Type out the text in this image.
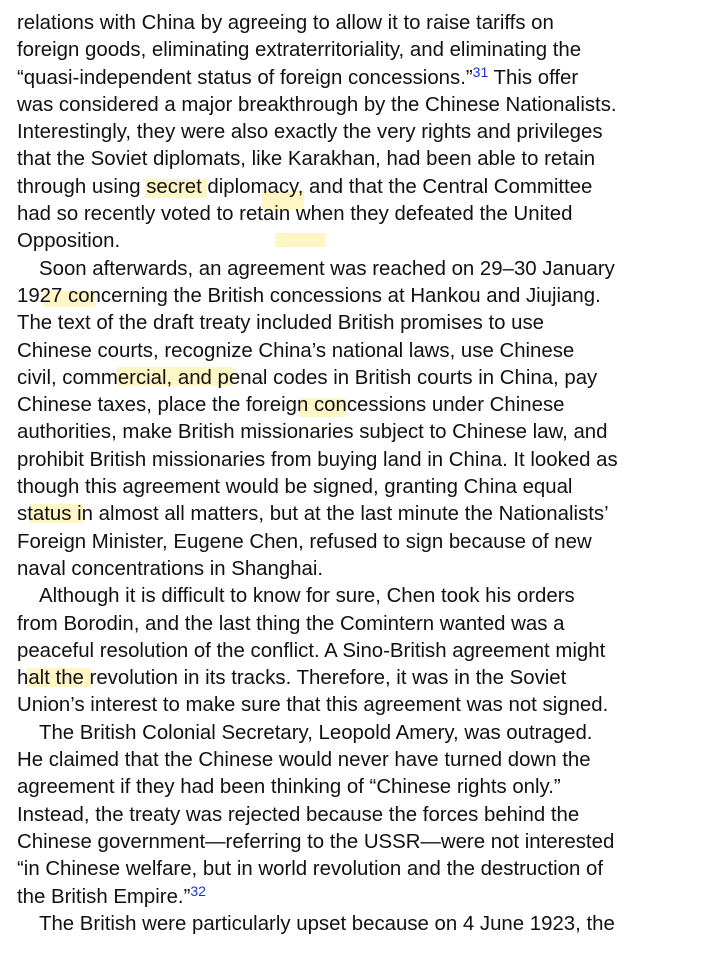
relations with China by agreeing to allow it to raise tariffs on
foreign goods, eliminating extraterritoriality, and eliminating the
“quasi-independent status of foreign concessions.”$^{31}$ This offer
was considered a major breakthrough by the Chinese Nationalists.
Interestingly, they were also exactly the very rights and privileges
that the Soviet diplomats, like Karakhan, had been able to retain
through using secret diplomacy, and that the Central Committee
had so recently voted to retain when they defeated the United
Opposition.
Soon afterwards, an agreement was reached on 29–30 January
1927 concerning the British concessions at Hankou and Jiujiang.
The text of the draft treaty included British promises to use
Chinese courts, recognize China’s national laws, use Chinese
civil, commercial, and penal codes in British courts in China, pay
Chinese taxes, place the foreign concessions under Chinese
authorities, make British missionaries subject to Chinese law, and
prohibit British missionaries from buying land in China. It looked as
though this agreement would be signed, granting China equal
status in almost all matters, but at the last minute the Nationalists’
Foreign Minister, Eugene Chen, refused to sign because of new
naval concentrations in Shanghai.
Although it is difficult to know for sure, Chen took his orders
from Borodin, and the last thing the Comintern wanted was a
peaceful resolution of the conflict. A Sino-British agreement might
halt the revolution in its tracks. Therefore, it was in the Soviet
Union’s interest to make sure that this agreement was not signed.
The British Colonial Secretary, Leopold Amery, was outraged.
He claimed that the Chinese would never have turned down the
agreement if they had been thinking of “Chinese rights only.”
Instead, the treaty was rejected because the forces behind the
Chinese government—referring to the USSR—were not interested
“in Chinese welfare, but in world revolution and the destruction of
the British Empire.”$^{32}$
The British were particularly upset because on 4 June 1923, the
